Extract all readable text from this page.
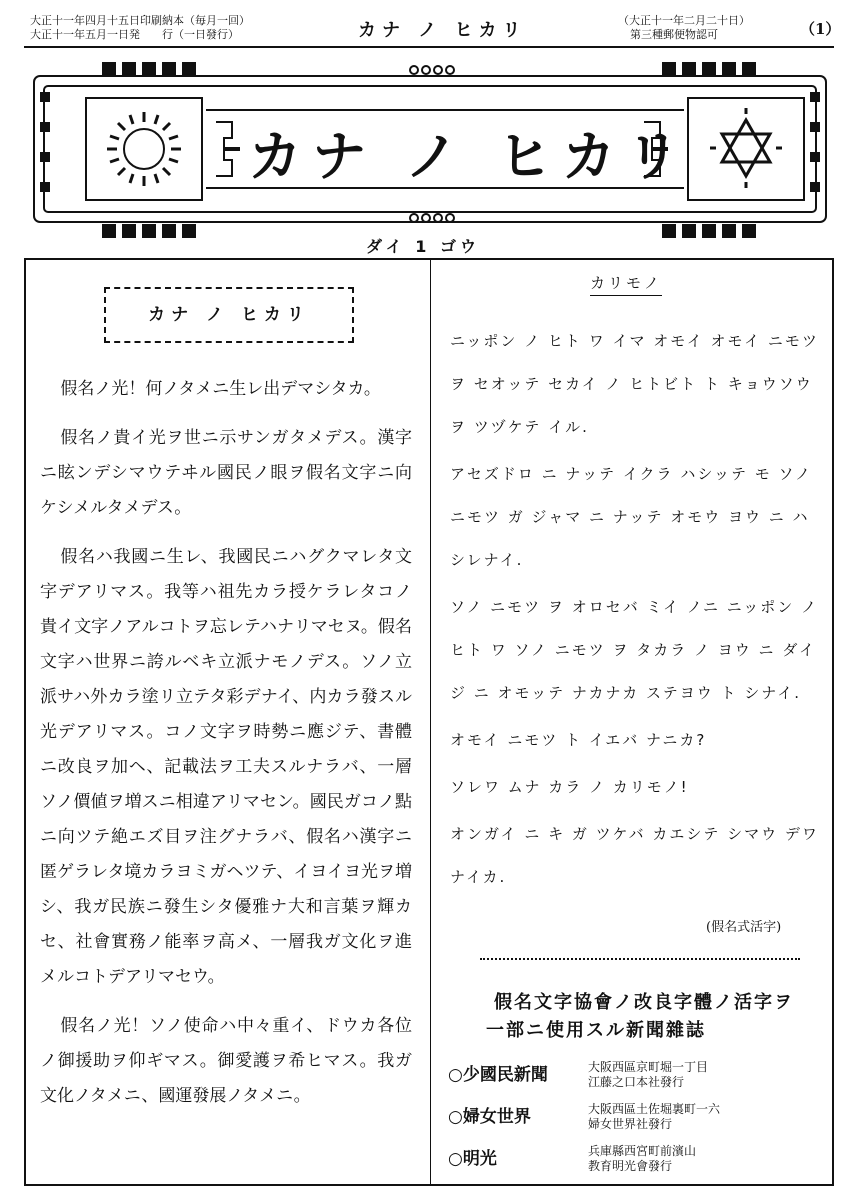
大正十一年四月十五日印刷納本（毎月一回）
大正十一年五月一日発　　行（一日發行）	カナ ノ ヒカリ	（大正十一年二月二十日）
第三種郵便物認可	（1）
カナ ノ ヒカリ
ダイ 1 ゴウ
カナ ノ ヒカリ

假名ノ光！何ノタメニ生レ出デマシタカ。

假名ノ貴イ光ヲ世ニ示サンガタメデス。漢字ニ眩ンデシマウテヰル國民ノ眼ヲ假名文字ニ向ケシメルタメデス。

假名ハ我國ニ生レ、我國民ニハグクマレタ文字デアリマス。我等ハ祖先カラ授ケラレタコノ貴イ文字ノアルコトヲ忘レテハナリマセヌ。假名文字ハ世界ニ誇ルベキ立派ナモノデス。ソノ立派サハ外カラ塗リ立テタ彩デナイ、内カラ發スル光デアリマス。コノ文字ヲ時勢ニ應ジテ、書體ニ改良ヲ加ヘ、記載法ヲ工夫スルナラバ、一層ソノ價値ヲ増スニ相違アリマセン。國民ガコノ點ニ向ツテ絶エズ目ヲ注グナラバ、假名ハ漢字ニ匿ゲラレタ境カラヨミガヘツテ、イヨイヨ光ヲ増シ、我ガ民族ニ發生シタ優雅ナ大和言葉ヲ輝カセ、社會實務ノ能率ヲ高メ、一層我ガ文化ヲ進メルコトデアリマセウ。

假名ノ光！ソノ使命ハ中々重イ、ドウカ各位ノ御援助ヲ仰ギマス。御愛護ヲ希ヒマス。我ガ文化ノタメニ、國運發展ノタメニ。

カリモノ

ニッポン ノ ヒト ワ イマ オモイ オモイ ニモツ ヲ セオッテ セカイ ノ ヒトビト ト キョウソウ ヲ ツヅケテ イル.

アセズドロ ニ ナッテ イクラ ハシッテ モ ソノ ニモツ ガ ジャマ ニ ナッテ オモウ ヨウ ニ ハシレナイ.

ソノ ニモツ ヲ オロセバ ミイ ノニ ニッポン ノ ヒト ワ ソノ ニモツ ヲ タカラ ノ ヨウ ニ ダイジ ニ オモッテ ナカナカ ステヨウ ト シナイ.

オモイ ニモツ ト イエバ ナニカ?

ソレワ ムナ カラ ノ カリモノ!

オンガイ ニ キ ガ ツケバ カエシテ シマウ デワ ナイカ.

(假名式活字)
假名文字協會ノ改良字體ノ活字ヲ
一部ニ使用スル新聞雜誌
○少國民新聞	大阪西區京町堀一丁目
江藤之口本社發行

○婦女世界	大阪西區土佐堀裏町一六
婦女世界社發行

○明光	兵庫縣西宮町前濱山
教育明光會發行
